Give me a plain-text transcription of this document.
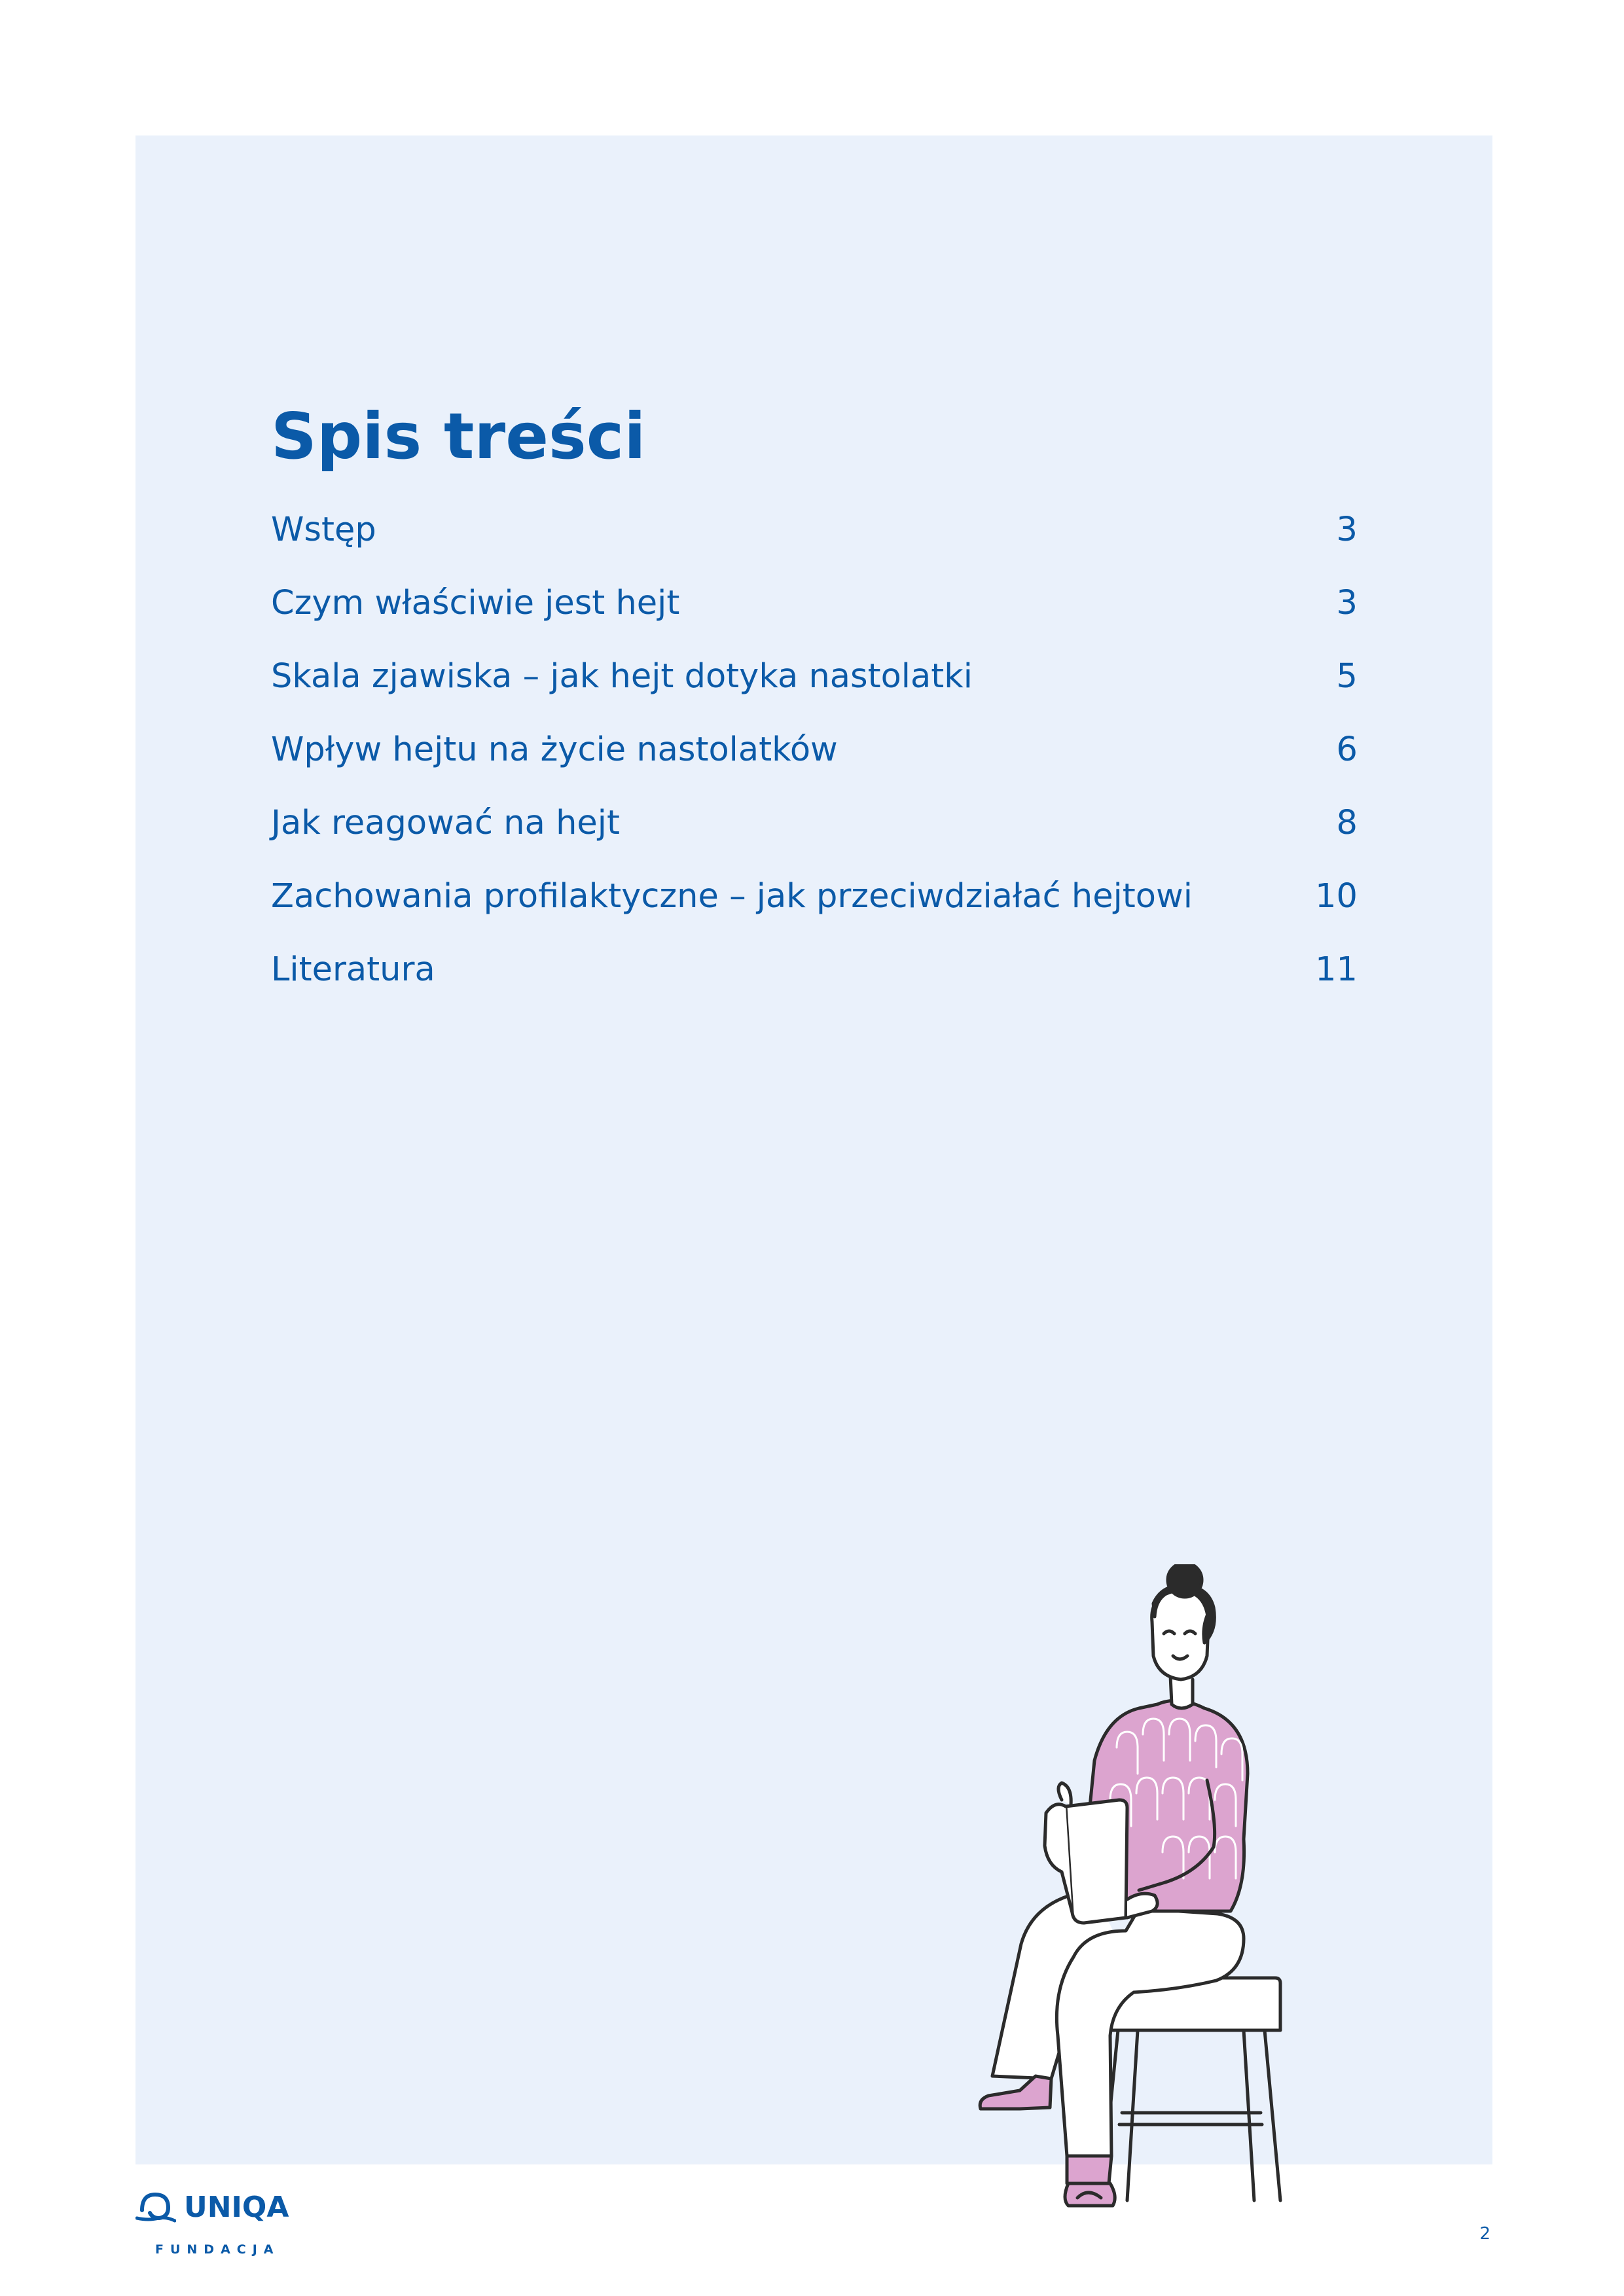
Spis treści
Wstęp	3
Czym właściwie jest hejt	3
Skala zjawiska – jak hejt dotyka nastolatki	5
Wpływ hejtu na życie nastolatków	6
Jak reagować na hejt	8
Zachowania profilaktyczne – jak przeciwdziałać hejtowi	10
Literatura	11

UNIQA

FUNDACJA

2
